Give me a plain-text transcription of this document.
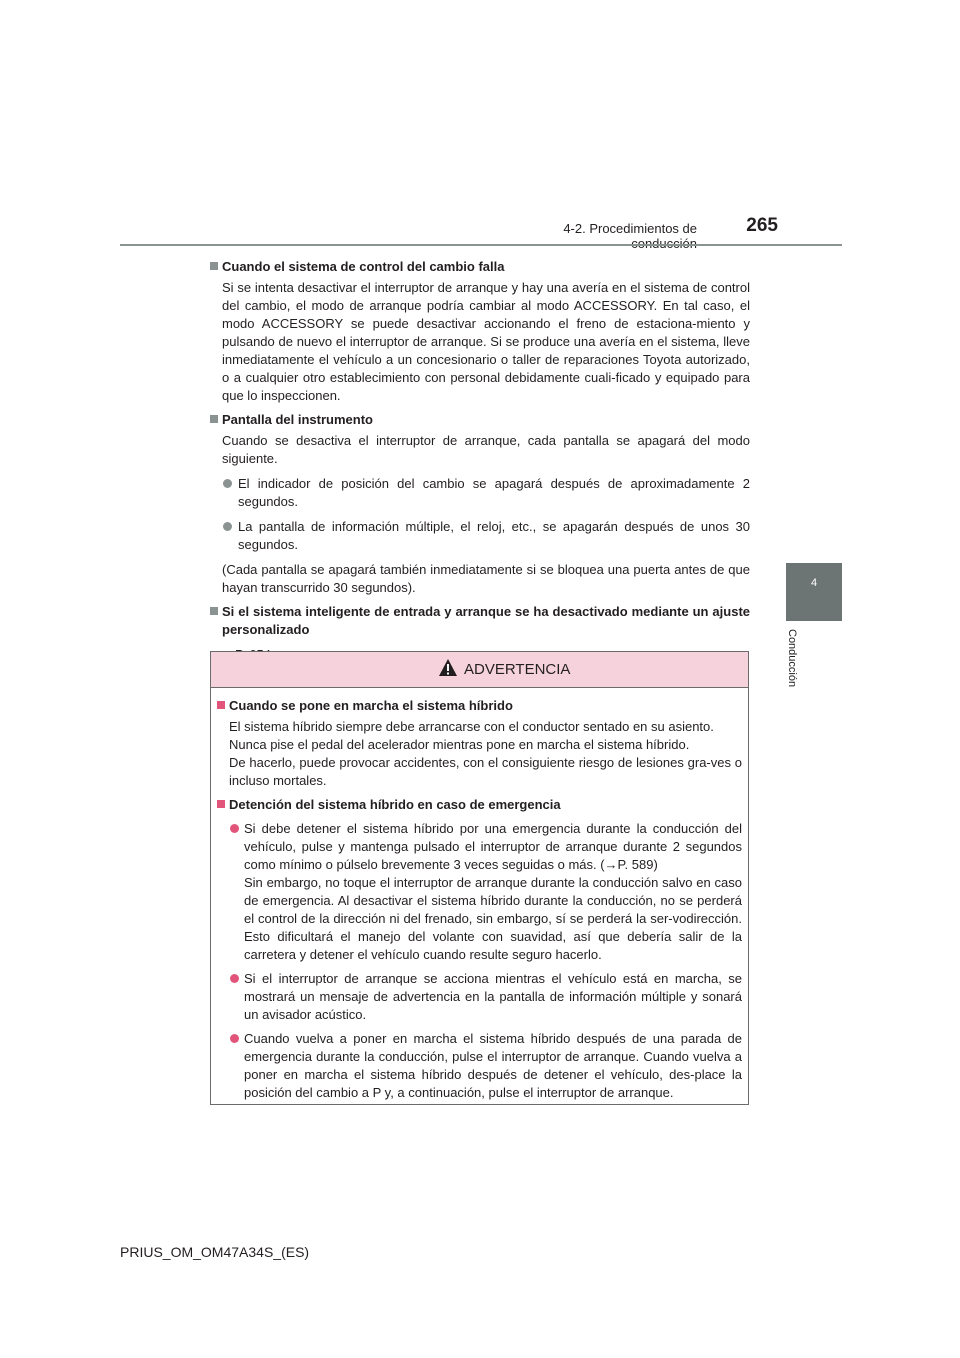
4-2. Procedimientos de	265
4
Conducción
Cuando el sistema de control del cambio falla
Si se intenta desactivar el interruptor de arranque y hay una avería en el sistema de control del cambio, el modo de arranque podría cambiar al modo ACCESSORY. En tal caso, el modo ACCESSORY se puede desactivar accionando el freno de estaciona-miento y pulsando de nuevo el interruptor de arranque. Si se produce una avería en el sistema, lleve inmediatamente el vehículo a un concesionario o taller de reparaciones Toyota autorizado, o a cualquier otro establecimiento con personal debidamente cuali-ficado y equipado para que lo inspeccionen.
Pantalla del instrumento
Cuando se desactiva el interruptor de arranque, cada pantalla se apagará del modo siguiente.
El indicador de posición del cambio se apagará después de aproximadamente 2 segundos.
La pantalla de información múltiple, el reloj, etc., se apagarán después de unos 30 segundos.
(Cada pantalla se apagará también inmediatamente si se bloquea una puerta antes de que hayan transcurrido 30 segundos).
Si el sistema inteligente de entrada y arranque se ha desactivado mediante un ajuste personalizado
ADVERTENCIA
Cuando se pone en marcha el sistema híbrido
El sistema híbrido siempre debe arrancarse con el conductor sentado en su asiento.
Nunca pise el pedal del acelerador mientras pone en marcha el sistema híbrido.
De hacerlo, puede provocar accidentes, con el consiguiente riesgo de lesiones gra-ves o incluso mortales.
Detención del sistema híbrido en caso de emergencia
Si debe detener el sistema híbrido por una emergencia durante la conducción del vehículo, pulse y mantenga pulsado el interruptor de arranque durante 2 segundos como mínimo o púlselo brevemente 3 veces seguidas o más. (→P. 589)
Sin embargo, no toque el interruptor de arranque durante la conducción salvo en caso de emergencia. Al desactivar el sistema híbrido durante la conducción, no se perderá el control de la dirección ni del frenado, sin embargo, sí se perderá la ser-vodirección. Esto dificultará el manejo del volante con suavidad, así que debería salir de la carretera y detener el vehículo cuando resulte seguro hacerlo.
Si el interruptor de arranque se acciona mientras el vehículo está en marcha, se mostrará un mensaje de advertencia en la pantalla de información múltiple y sonará un avisador acústico.
Cuando vuelva a poner en marcha el sistema híbrido después de una parada de emergencia durante la conducción, pulse el interruptor de arranque. Cuando vuelva a poner en marcha el sistema híbrido después de detener el vehículo, des-place la posición del cambio a P y, a continuación, pulse el interruptor de arranque.
PRIUS_OM_OM47A34S_(ES)
